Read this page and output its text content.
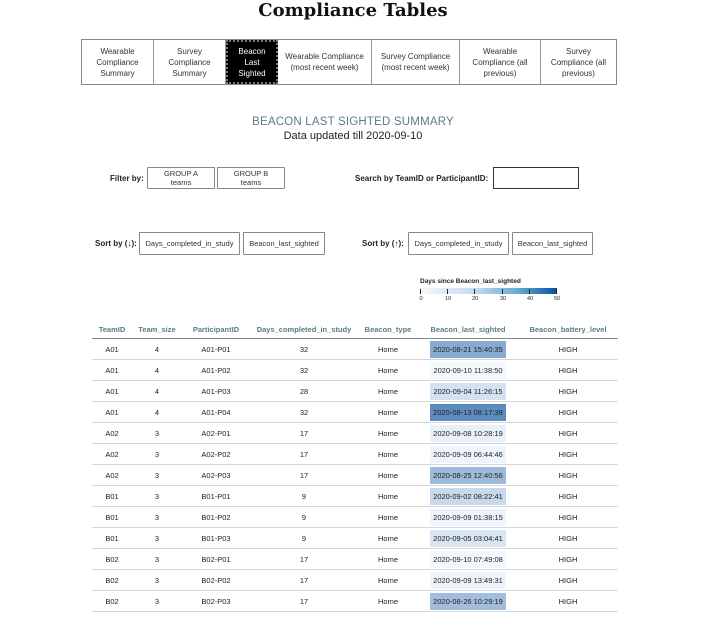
Compliance Tables
Wearable Compliance Summary
Survey Compliance Summary
Beacon Last Sighted
Wearable Compliance (most recent week)
Survey Compliance (most recent week)
Wearable Compliance (all previous)
Survey Compliance (all previous)
BEACON LAST SIGHTED SUMMARY
Data updated till 2020-09-10
Filter by:
GROUP A teams
GROUP B teams	Search by TeamID or ParticipantID:
Sort by (↓):	Days_completed_in_study	Beacon_last_sighted	Sort by (↑):	Days_completed_in_study	Beacon_last_sighted
Days since Beacon_last_sighted
0	10	20	30	40	50
TeamID	Team_size	ParticipantID	Days_completed_in_study	Beacon_type	Beacon_last_sighted	Beacon_battery_level
A01	4	A01-P01	32	Home	2020-08-21 15:40:35	HIGH
A01	4	A01-P02	32	Home	2020-09-10 11:38:50	HIGH
A01	4	A01-P03	28	Home	2020-09-04 11:26:15	HIGH
A01	4	A01-P04	32	Home	2020-08-13 08:17:39	HIGH
A02	3	A02-P01	17	Home	2020-09-08 10:28:19	HIGH
A02	3	A02-P02	17	Home	2020-09-09 06:44:46	HIGH
A02	3	A02-P03	17	Home	2020-08-25 12:40:56	HIGH
B01	3	B01-P01	9	Home	2020-09-02 08:22:41	HIGH
B01	3	B01-P02	9	Home	2020-09-09 01:38:15	HIGH
B01	3	B01-P03	9	Home	2020-09-05 03:04:41	HIGH
B02	3	B02-P01	17	Home	2020-09-10 07:49:08	HIGH
B02	3	B02-P02	17	Home	2020-09-09 13:49:31	HIGH
B02	3	B02-P03	17	Home	2020-08-26 10:29:19	HIGH
